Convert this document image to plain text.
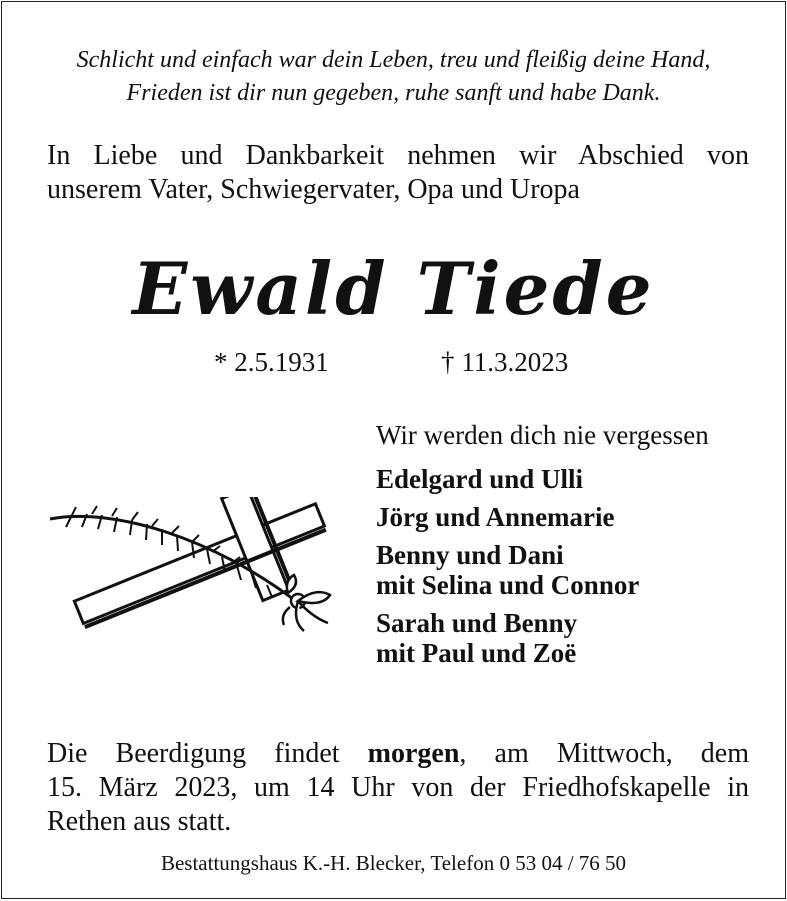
Schlicht und einfach war dein Leben, treu und fleißig deine Hand,
Frieden ist dir nun gegeben, ruhe sanft und habe Dank.
In Liebe und Dankbarkeit nehmen wir Abschied von
unserem Vater, Schwiegervater, Opa und Uropa
Ewald Tiede
* 2.5.1931	† 11.3.2023
Wir werden dich nie vergessen
Edelgard und Ulli
Jörg und Annemarie
Benny und Dani
mit Selina und Connor
Sarah und Benny
mit Paul und Zoë
Die Beerdigung findet morgen, am Mittwoch, dem
15. März 2023, um 14 Uhr von der Friedhofskapelle in
Rethen aus statt.
Bestattungshaus K.-H. Blecker, Telefon 0 53 04 / 76 50
